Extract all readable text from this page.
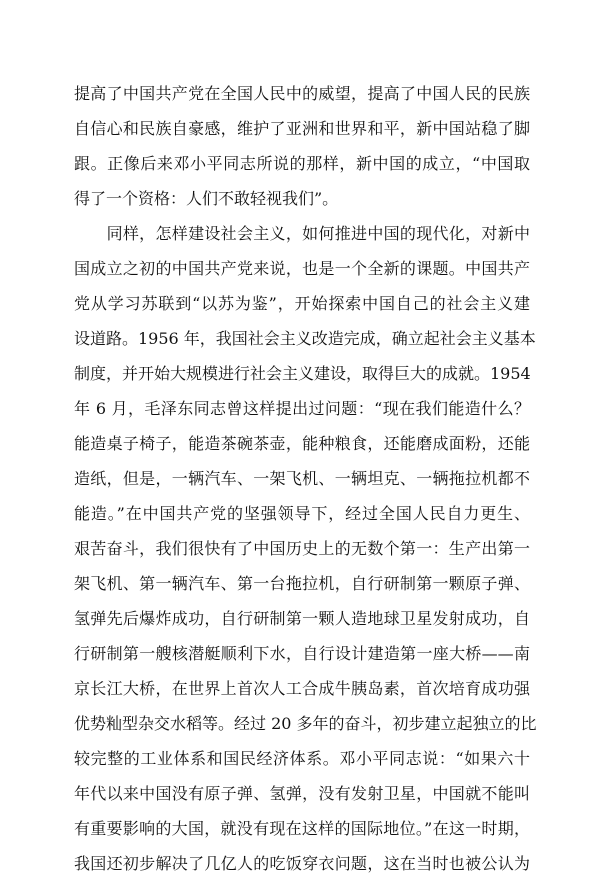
提高了中国共产党在全国人民中的威望，提高了中国人民的民族
自信心和民族自豪感，维护了亚洲和世界和平，新中国站稳了脚
跟。正像后来邓小平同志所说的那样，新中国的成立，“中国取
得了一个资格：人们不敢轻视我们”。
　　同样，怎样建设社会主义，如何推进中国的现代化，对新中
国成立之初的中国共产党来说，也是一个全新的课题。中国共产
党从学习苏联到“以苏为鉴”，开始探索中国自己的社会主义建
设道路。1956 年，我国社会主义改造完成，确立起社会主义基本
制度，并开始大规模进行社会主义建设，取得巨大的成就。1954
年 6 月，毛泽东同志曾这样提出过问题：“现在我们能造什么？
能造桌子椅子，能造茶碗茶壶，能种粮食，还能磨成面粉，还能
造纸，但是，一辆汽车、一架飞机、一辆坦克、一辆拖拉机都不
能造。”在中国共产党的坚强领导下，经过全国人民自力更生、
艰苦奋斗，我们很快有了中国历史上的无数个第一：生产出第一
架飞机、第一辆汽车、第一台拖拉机，自行研制第一颗原子弹、
氢弹先后爆炸成功，自行研制第一颗人造地球卫星发射成功，自
行研制第一艘核潜艇顺利下水，自行设计建造第一座大桥——南
京长江大桥，在世界上首次人工合成牛胰岛素，首次培育成功强
优势籼型杂交水稻等。经过 20 多年的奋斗，初步建立起独立的比
较完整的工业体系和国民经济体系。邓小平同志说：“如果六十
年代以来中国没有原子弹、氢弹，没有发射卫星，中国就不能叫
有重要影响的大国，就没有现在这样的国际地位。”在这一时期，
我国还初步解决了几亿人的吃饭穿衣问题，这在当时也被公认为
